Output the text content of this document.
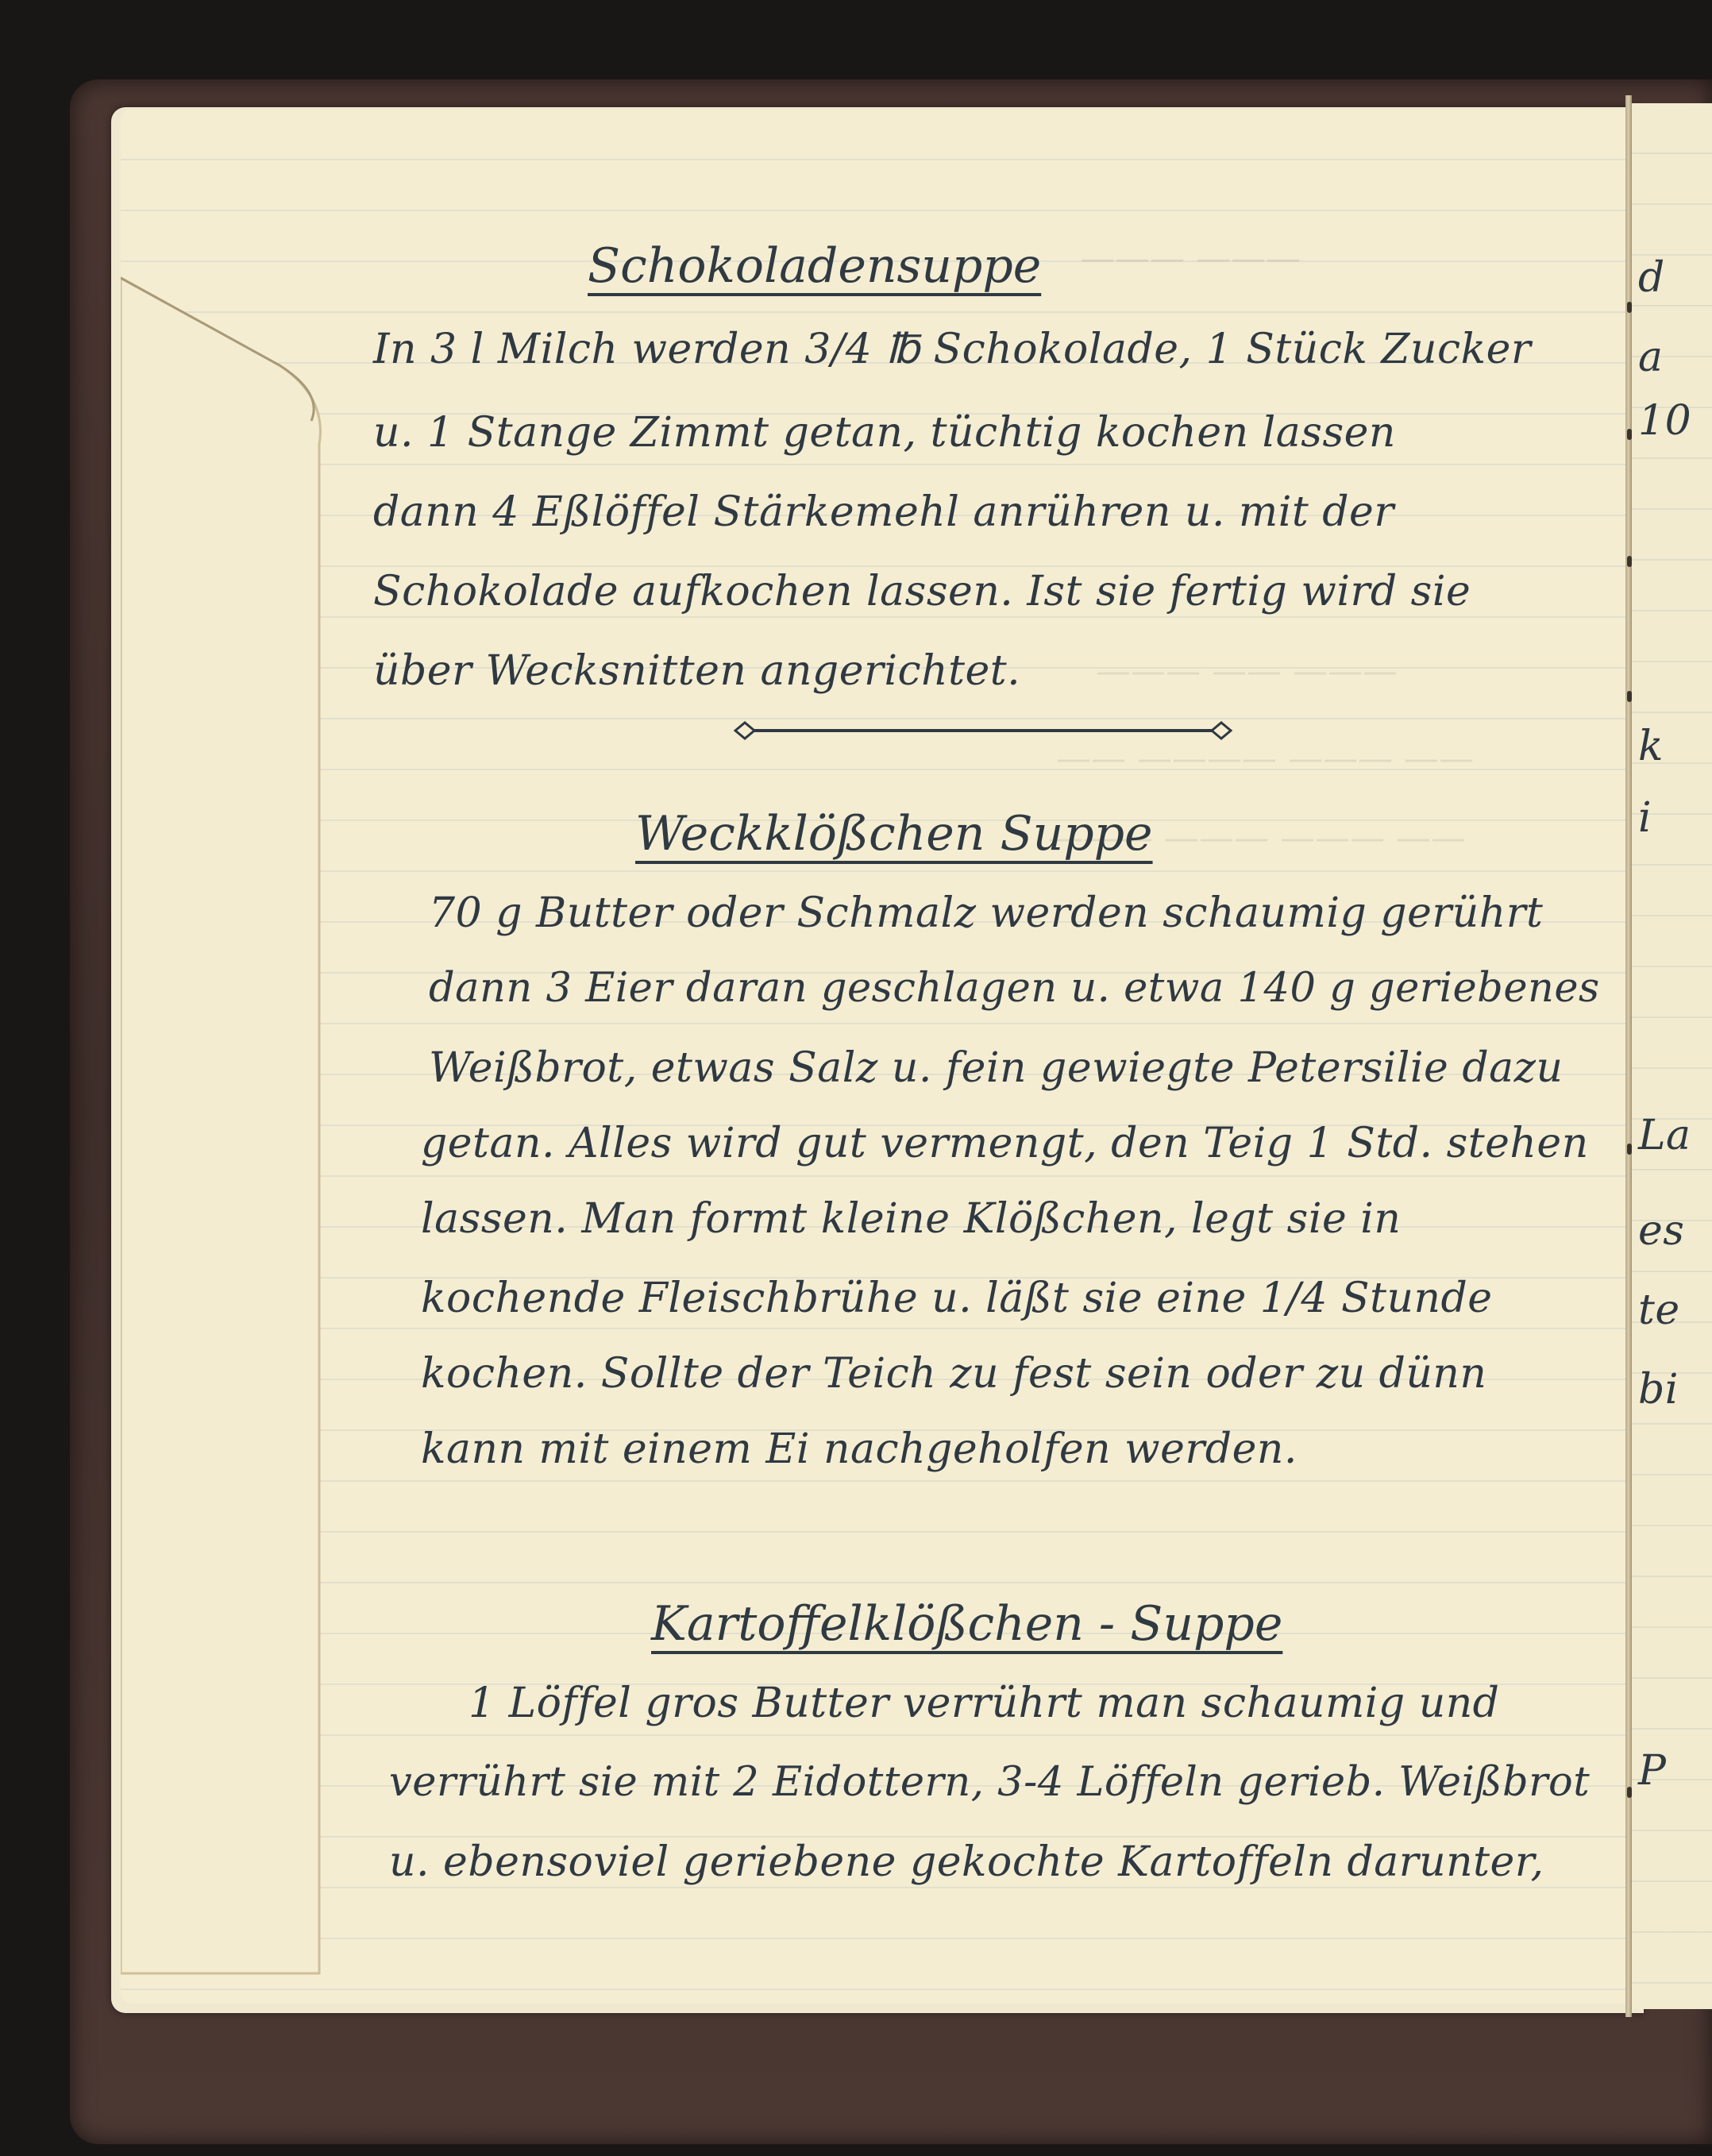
——— ———
——— —— ———
—— ———— ——— ——
——— ——— ——— ——
d
a
10
k
i
La
es
te
bi
P
Schokoladensuppe
In 3 l Milch werden 3/4 ℔ Schokolade, 1 Stück Zucker
u. 1 Stange Zimmt getan, tüchtig kochen lassen
dann 4 Eßlöffel Stärkemehl anrühren u. mit der
Schokolade aufkochen lassen. Ist sie fertig wird sie
über Wecksnitten angerichtet.
Weckklößchen Suppe
70 g Butter oder Schmalz werden schaumig gerührt
dann 3 Eier daran geschlagen u. etwa 140 g geriebenes
Weißbrot, etwas Salz u. fein gewiegte Petersilie dazu
getan. Alles wird gut vermengt, den Teig 1 Std. stehen
lassen. Man formt kleine Klößchen, legt sie in
kochende Fleischbrühe u. läßt sie eine 1/4 Stunde
kochen. Sollte der Teich zu fest sein oder zu dünn
kann mit einem Ei nachgeholfen werden.
Kartoffelklößchen - Suppe
1 Löffel gros Butter verrührt man schaumig und
verrührt sie mit 2 Eidottern, 3-4 Löffeln gerieb. Weißbrot
u. ebensoviel geriebene gekochte Kartoffeln darunter,
